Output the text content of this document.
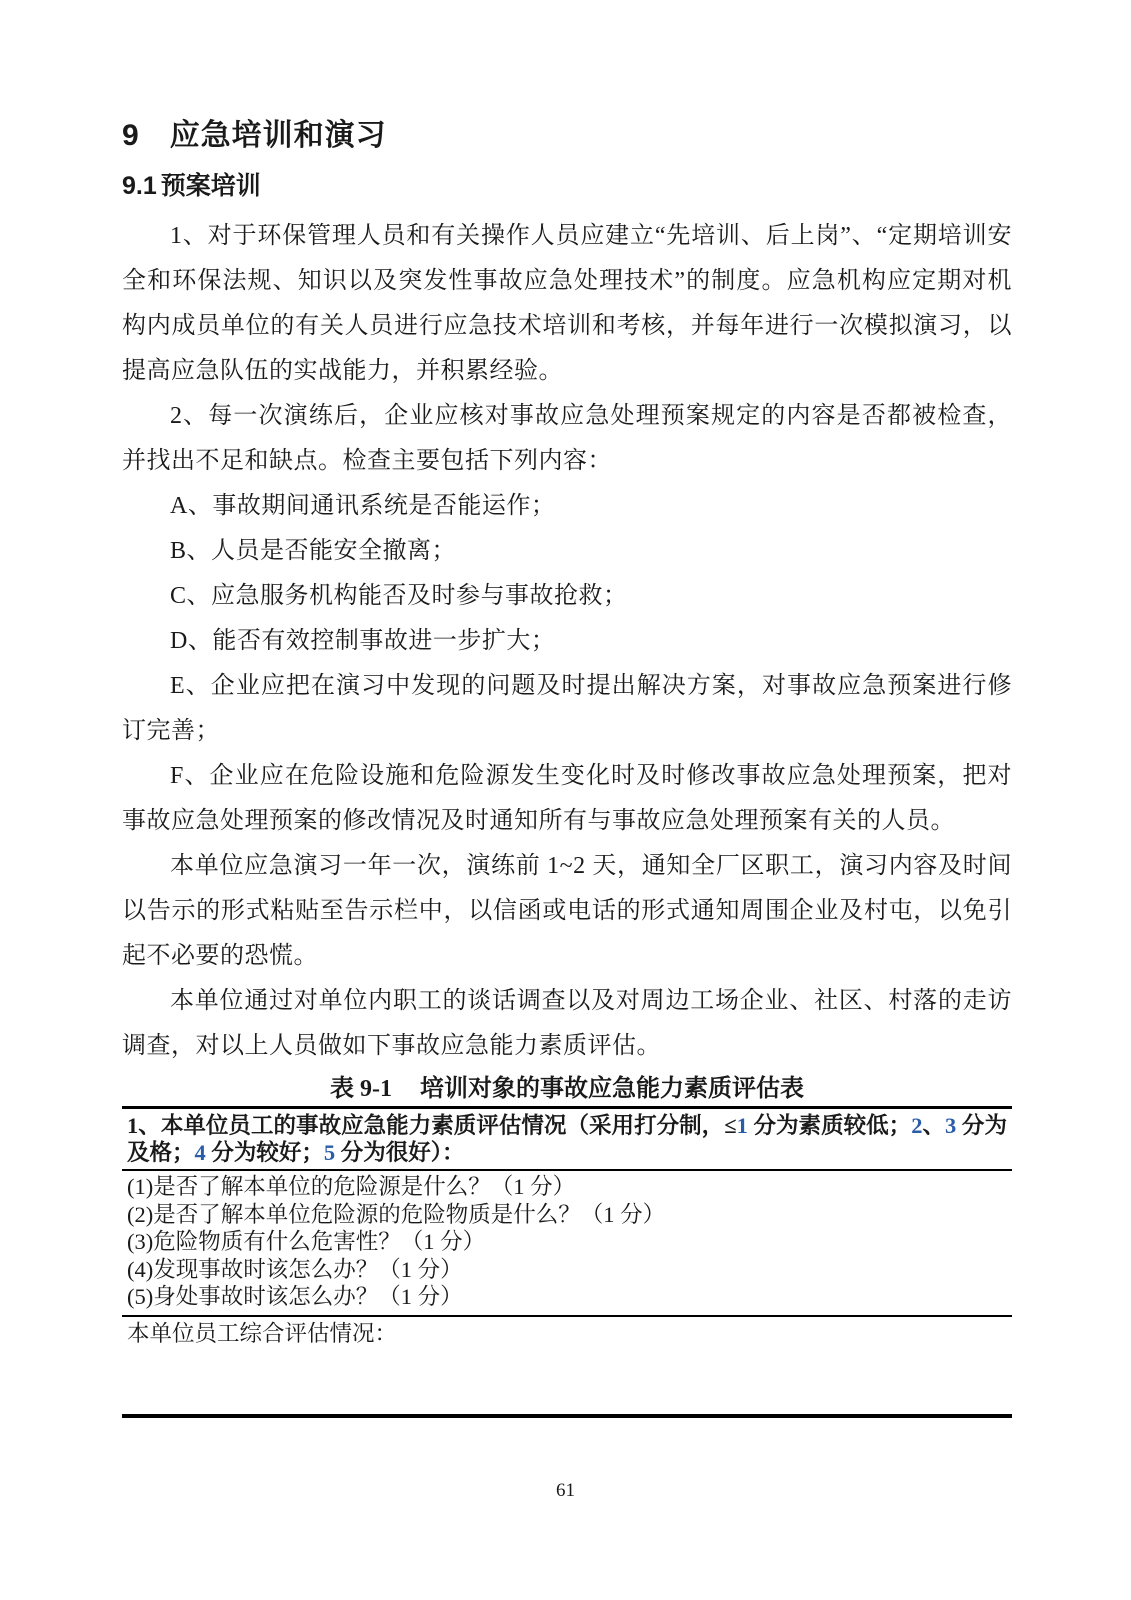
9 应急培训和演习
9.1 预案培训
1、对于环保管理人员和有关操作人员应建立“先培训、后上岗”、“定期培训安全和环保法规、知识以及突发性事故应急处理技术”的制度。应急机构应定期对机构内成员单位的有关人员进行应急技术培训和考核，并每年进行一次模拟演习，以提高应急队伍的实战能力，并积累经验。
2、每一次演练后，企业应核对事故应急处理预案规定的内容是否都被检查，并找出不足和缺点。检查主要包括下列内容：
A、事故期间通讯系统是否能运作；
B、人员是否能安全撤离；
C、应急服务机构能否及时参与事故抢救；
D、能否有效控制事故进一步扩大；
E、企业应把在演习中发现的问题及时提出解决方案，对事故应急预案进行修订完善；
F、企业应在危险设施和危险源发生变化时及时修改事故应急处理预案，把对事故应急处理预案的修改情况及时通知所有与事故应急处理预案有关的人员。
本单位应急演习一年一次，演练前 1~2 天，通知全厂区职工，演习内容及时间以告示的形式粘贴至告示栏中，以信函或电话的形式通知周围企业及村屯，以免引起不必要的恐慌。
本单位通过对单位内职工的谈话调查以及对周边工场企业、社区、村落的走访调查，对以上人员做如下事故应急能力素质评估。
表 9-1 培训对象的事故应急能力素质评估表
1、本单位员工的事故应急能力素质评估情况（采用打分制，≤1 分为素质较低；2、3 分为及格；4 分为较好；5 分为很好）：

(1)是否了解本单位的危险源是什么？（1 分）
(2)是否了解本单位危险源的危险物质是什么？（1 分）
(3)危险物质有什么危害性？（1 分）
(4)发现事故时该怎么办？（1 分）
(5)身处事故时该怎么办？（1 分）

本单位员工综合评估情况：
61
